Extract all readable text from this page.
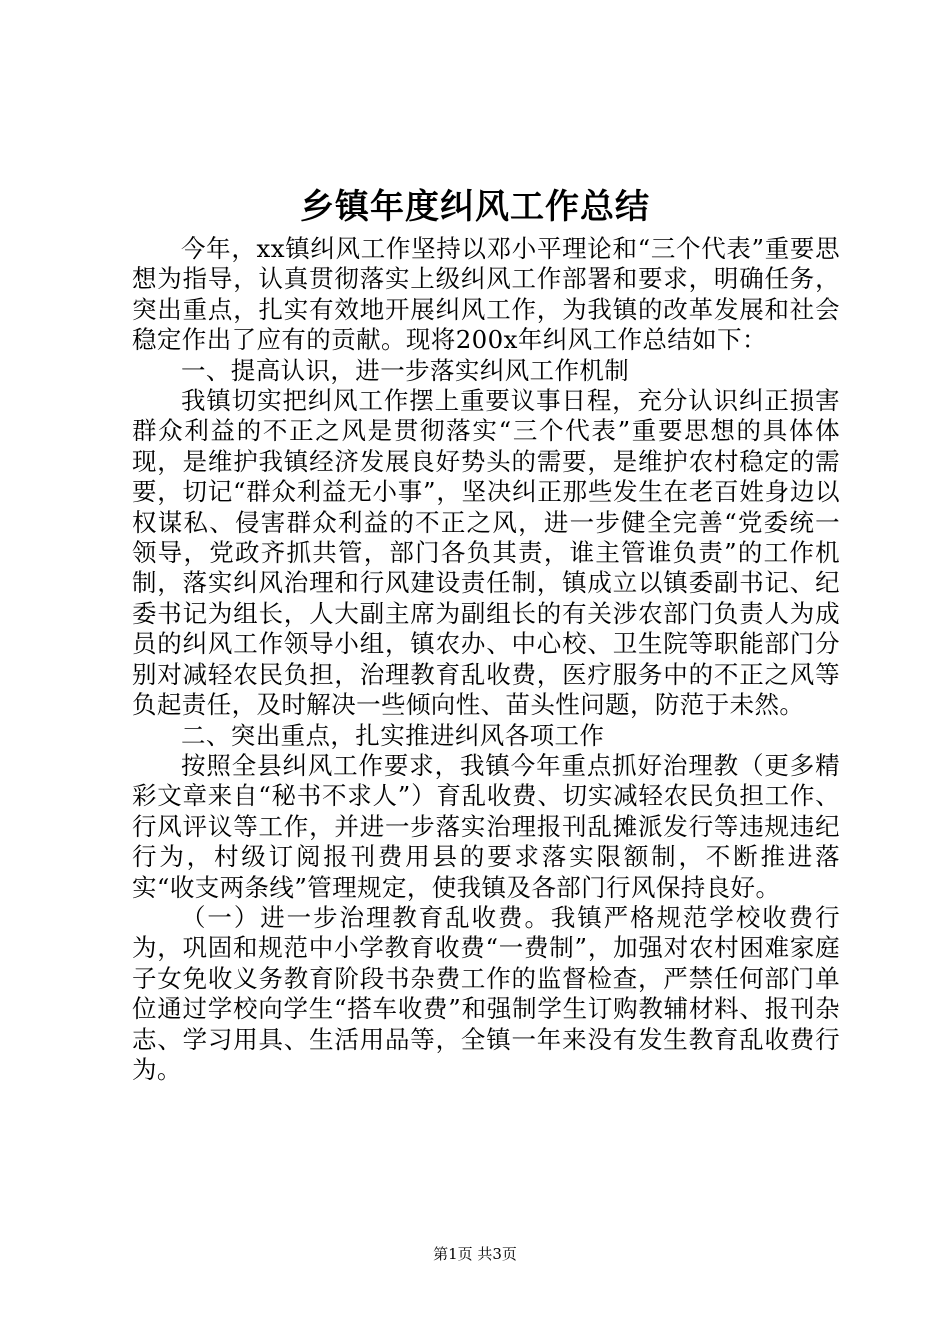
乡镇年度纠风工作总结

今年，xx镇纠风工作坚持以邓小平理论和“三个代表”重要思想为指导，认真贯彻落实上级纠风工作部署和要求，明确任务，突出重点，扎实有效地开展纠风工作，为我镇的改革发展和社会稳定作出了应有的贡献。现将200x年纠风工作总结如下：

一、提高认识，进一步落实纠风工作机制

我镇切实把纠风工作摆上重要议事日程，充分认识纠正损害群众利益的不正之风是贯彻落实“三个代表”重要思想的具体体现，是维护我镇经济发展良好势头的需要，是维护农村稳定的需要，切记“群众利益无小事”，坚决纠正那些发生在老百姓身边以权谋私、侵害群众利益的不正之风，进一步健全完善“党委统一领导，党政齐抓共管，部门各负其责，谁主管谁负责”的工作机制，落实纠风治理和行风建设责任制，镇成立以镇委副书记、纪委书记为组长，人大副主席为副组长的有关涉农部门负责人为成员的纠风工作领导小组，镇农办、中心校、卫生院等职能部门分别对减轻农民负担，治理教育乱收费，医疗服务中的不正之风等负起责任，及时解决一些倾向性、苗头性问题，防范于未然。

二、突出重点，扎实推进纠风各项工作

按照全县纠风工作要求，我镇今年重点抓好治理教（更多精彩文章来自“秘书不求人”）育乱收费、切实减轻农民负担工作、行风评议等工作，并进一步落实治理报刊乱摊派发行等违规违纪行为，村级订阅报刊费用县的要求落实限额制，不断推进落实“收支两条线”管理规定，使我镇及各部门行风保持良好。

（一）进一步治理教育乱收费。我镇严格规范学校收费行为，巩固和规范中小学教育收费“一费制”，加强对农村困难家庭子女免收义务教育阶段书杂费工作的监督检查，严禁任何部门单位通过学校向学生“搭车收费”和强制学生订购教辅材料、报刊杂志、学习用具、生活用品等，全镇一年来没有发生教育乱收费行为。

第1页 共3页
